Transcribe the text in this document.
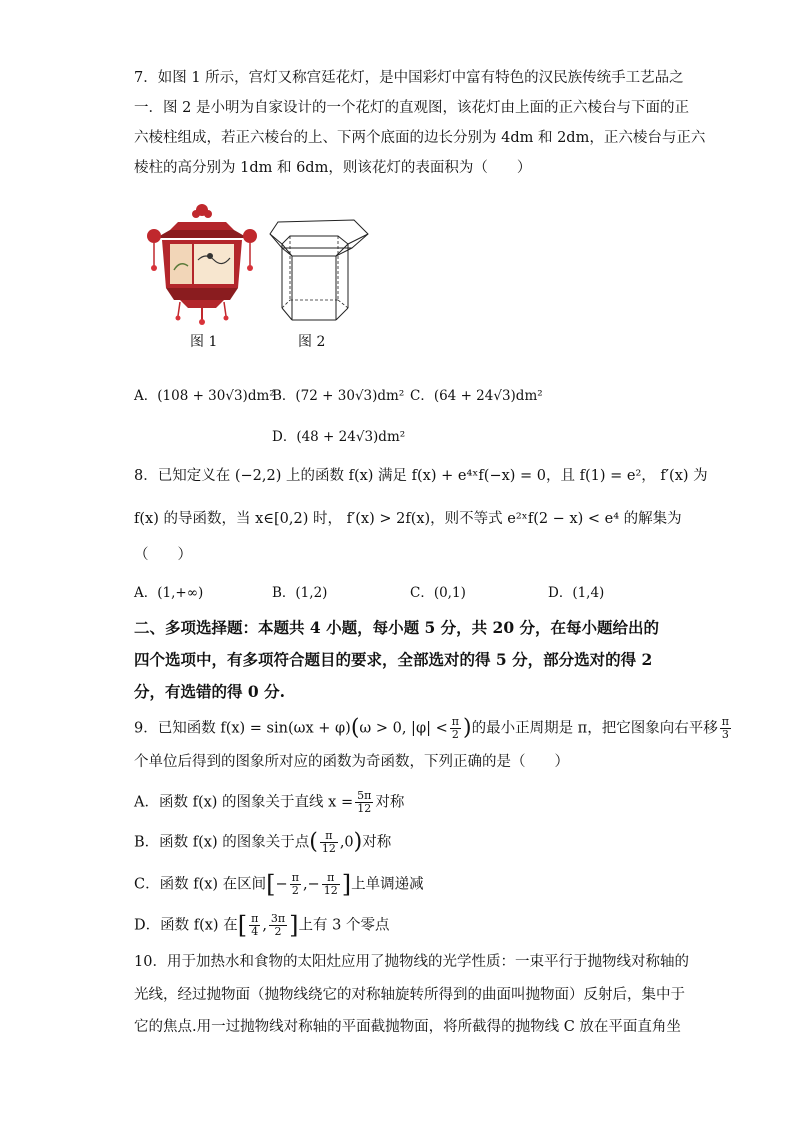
7．如图 1 所示，宫灯又称宫廷花灯，是中国彩灯中富有特色的汉民族传统手工艺品之
一．图 2 是小明为自家设计的一个花灯的直观图，该花灯由上面的正六棱台与下面的正
六棱柱组成，若正六棱台的上、下两个底面的边长分别为 4dm 和 2dm，正六棱台与正六
棱柱的高分别为 1dm 和 6dm，则该花灯的表面积为（　　）
图 1	图 2
A．(108 + 30√3)dm²
B．(72 + 30√3)dm² C．(64 + 24√3)dm²
D．(48 + 24√3)dm²
8．已知定义在 (−2,2) 上的函数 f(x) 满足 f(x) + e⁴ˣf(−x) = 0，且 f(1) = e²， f′(x) 为
f(x) 的导函数，当 x∈[0,2) 时， f′(x) > 2f(x)，则不等式 e²ˣf(2 − x) < e⁴ 的解集为
（　　）
A．(1,+∞)	B．(1,2)	C．(0,1)	D．(1,4)
二、多项选择题：本题共 4 小题，每小题 5 分，共 20 分，在每小题给出的
四个选项中，有多项符合题目的要求，全部选对的得 5 分，部分选对的得 2
分，有选错的得 0 分.
9．已知函数 f(x) = sin(ωx + φ)(ω > 0, $|\varphi| < \frac{\pi}{2}$ )的最小正周期是 π，把它图象向右平移 $\frac{\pi}{3}$
个单位后得到的图象所对应的函数为奇函数，下列正确的是（　　）
A．函数 f(x) 的图象关于直线 $x = \frac{5\pi}{12}$ 对称
B．函数 f(x) 的图象关于点( $\frac{\pi}{12} ,0$)对称
C．函数 f(x) 在区间[− $\frac{\pi}{2}$ ,− $\frac{\pi}{12}$ ]上单调递减
D．函数 f(x) 在[ $\frac{\pi}{4}$ , $\frac{3\pi}{2}$ ]上有 3 个零点
10．用于加热水和食物的太阳灶应用了抛物线的光学性质：一束平行于抛物线对称轴的
光线，经过抛物面（抛物线绕它的对称轴旋转所得到的曲面叫抛物面）反射后，集中于
它的焦点.用一过抛物线对称轴的平面截抛物面，将所截得的抛物线 C 放在平面直角坐
